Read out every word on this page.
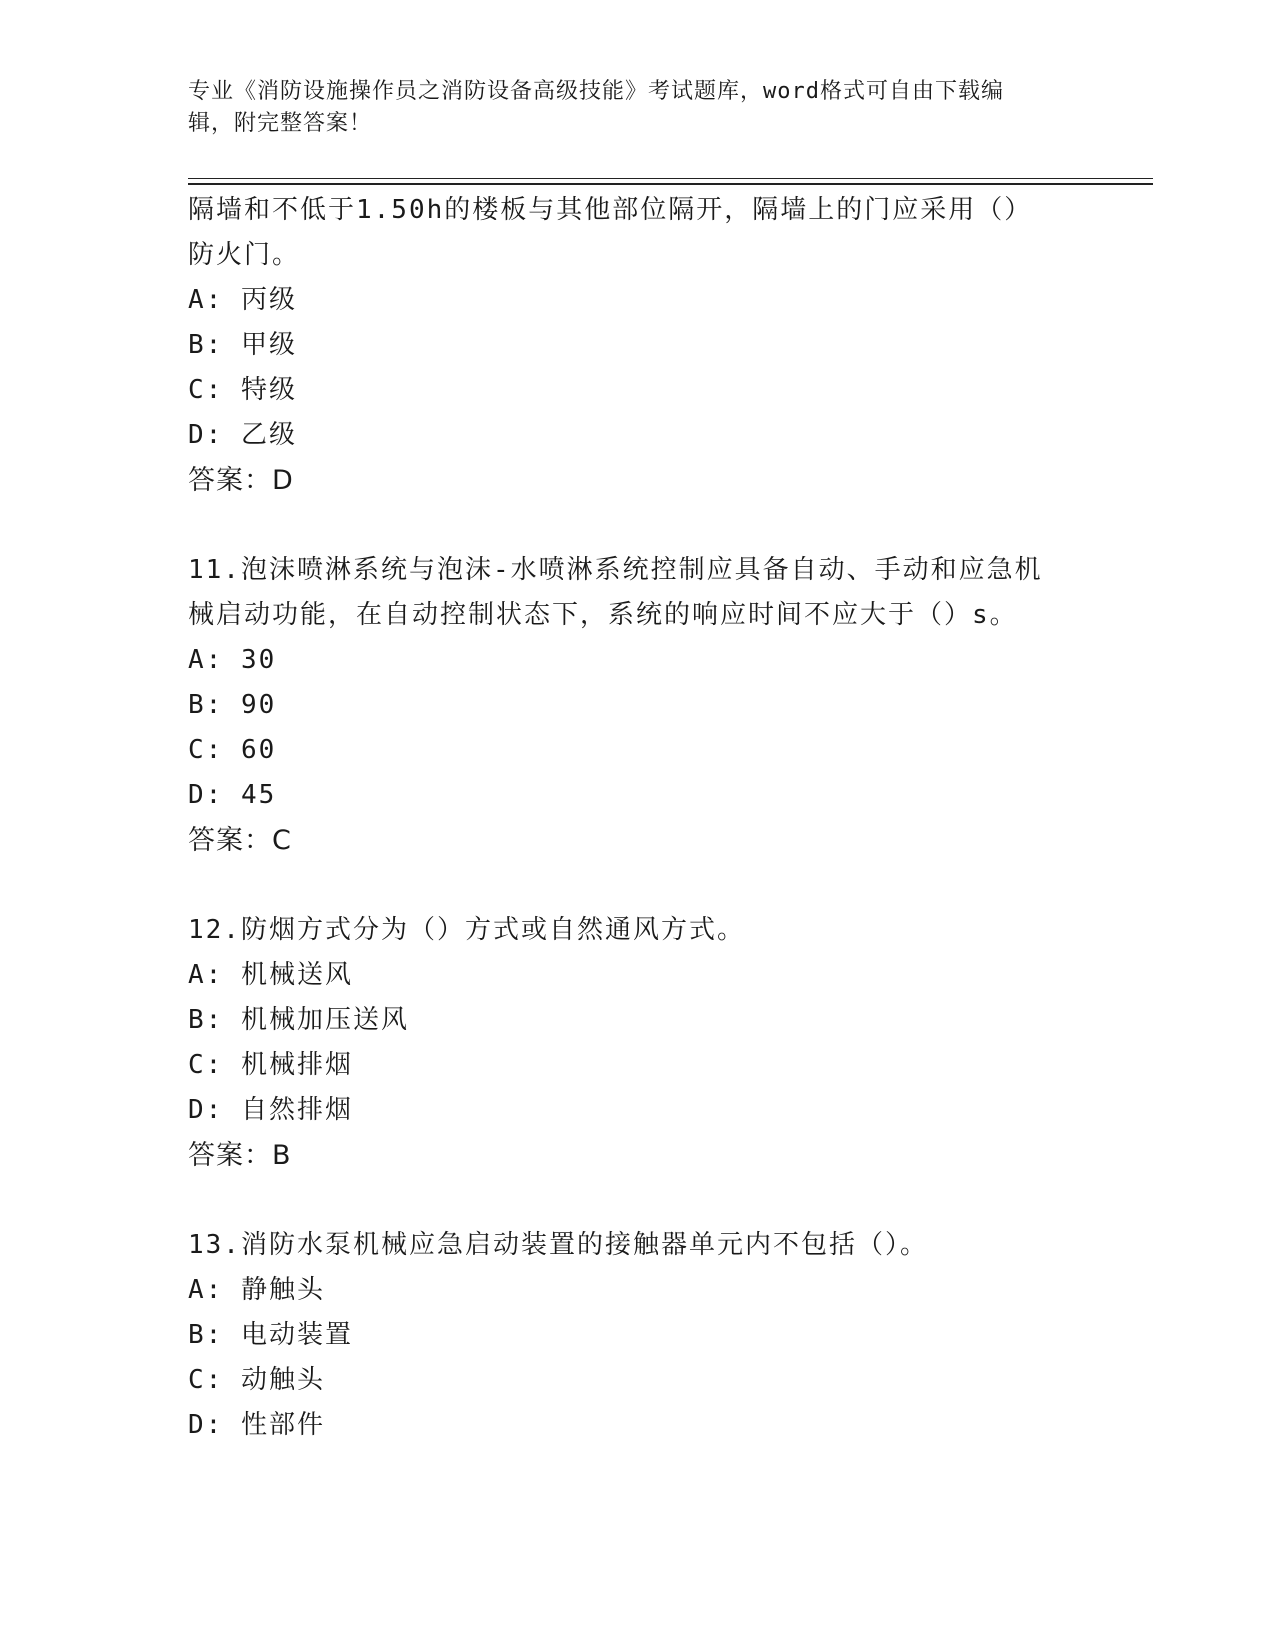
专业《消防设施操作员之消防设备高级技能》考试题库，word格式可自由下载编
辑，附完整答案！
隔墙和不低于1.50h的楼板与其他部位隔开，隔墙上的门应采用（）
防火门。
A: 丙级
B: 甲级
C: 特级
D: 乙级
答案：D
11.泡沫喷淋系统与泡沫-水喷淋系统控制应具备自动、手动和应急机
械启动功能，在自动控制状态下，系统的响应时间不应大于（）s。
A: 30
B: 90
C: 60
D: 45
答案：C
12.防烟方式分为（）方式或自然通风方式。
A: 机械送风
B: 机械加压送风
C: 机械排烟
D: 自然排烟
答案：B
13.消防水泵机械应急启动装置的接触器单元内不包括（）。
A: 静触头
B: 电动装置
C: 动触头
D: 性部件
